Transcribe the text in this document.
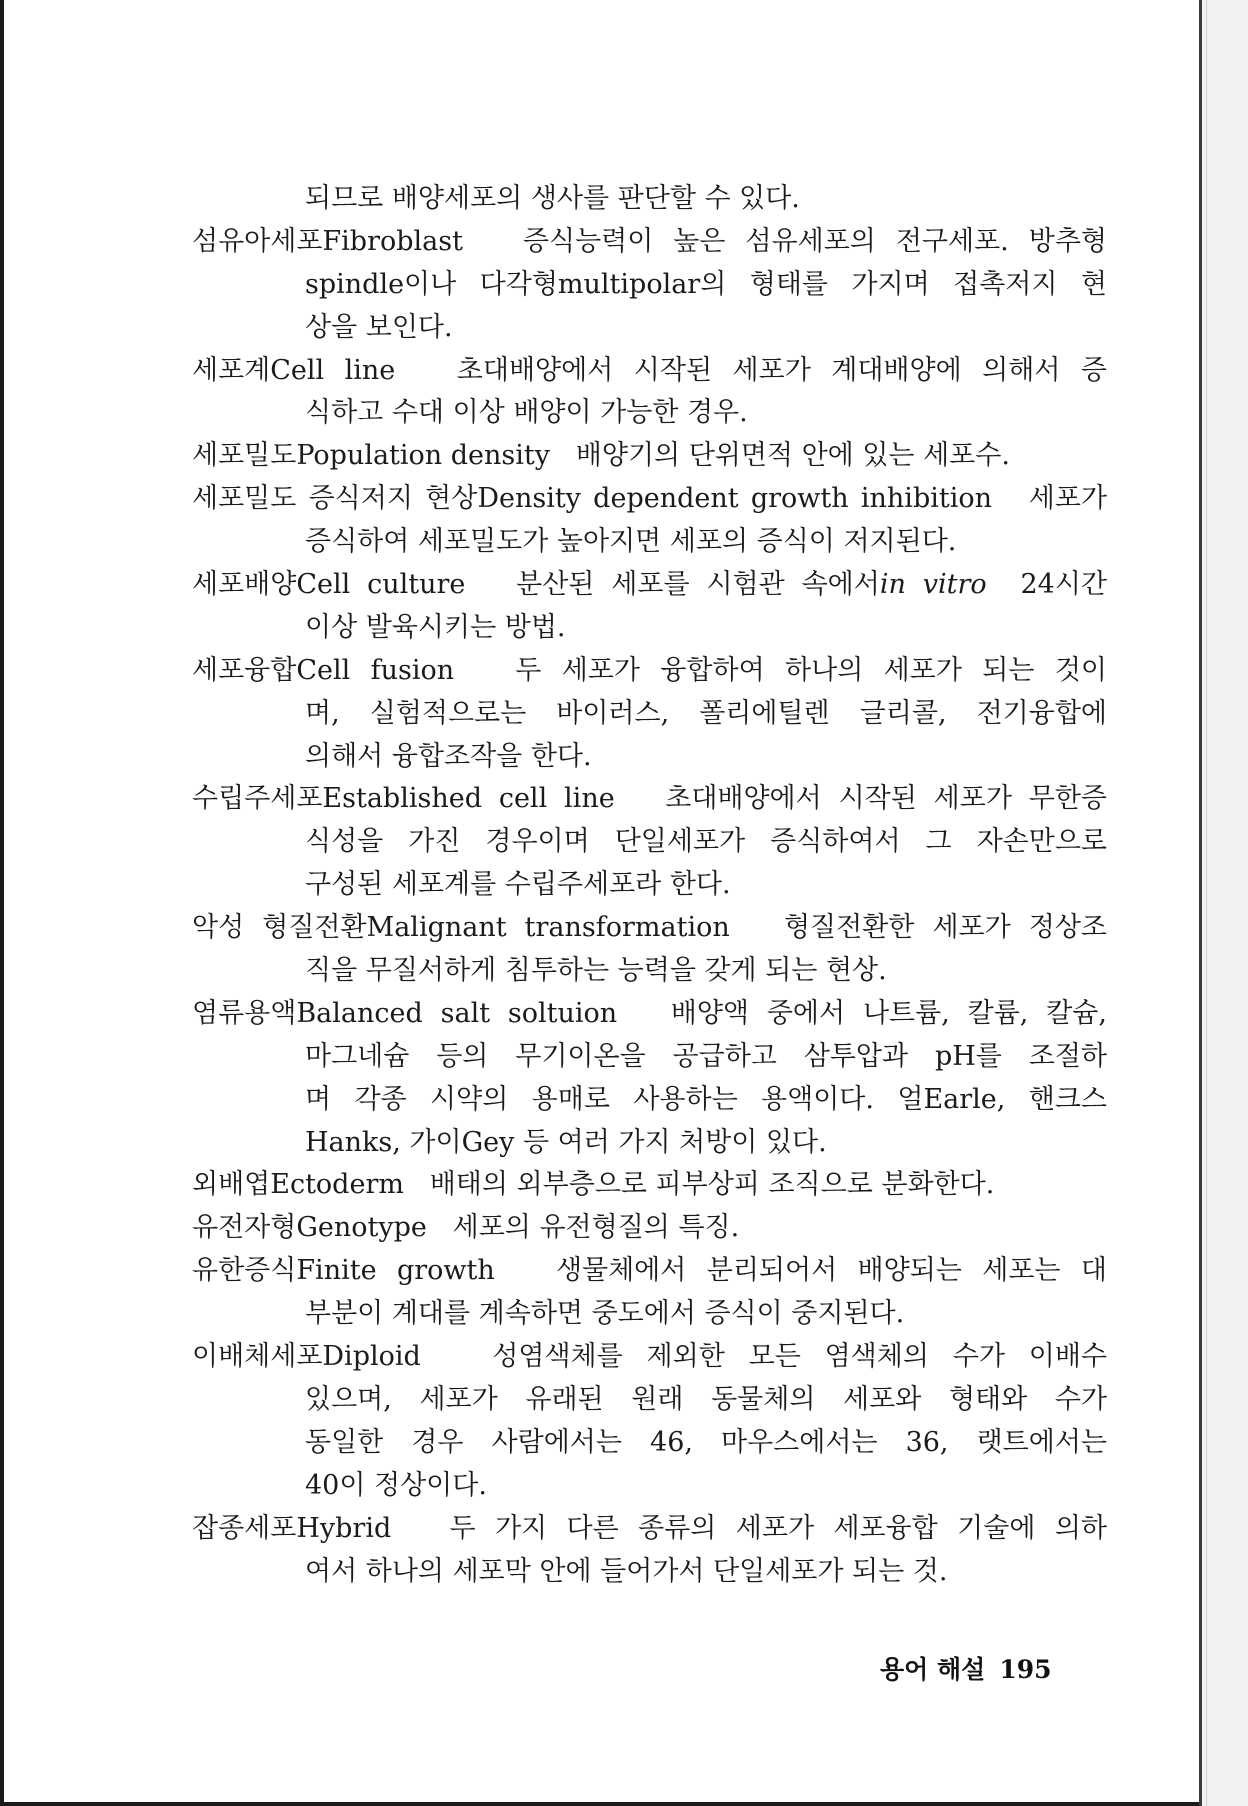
되므로 배양세포의 생사를 판단할 수 있다.
섬유아세포Fibroblast 증식능력이 높은 섬유세포의 전구세포. 방추형
spindle이나 다각형multipolar의 형태를 가지며 접촉저지 현
상을 보인다.
세포계Cell line 초대배양에서 시작된 세포가 계대배양에 의해서 증
식하고 수대 이상 배양이 가능한 경우.
세포밀도Population density 배양기의 단위면적 안에 있는 세포수.
세포밀도 증식저지 현상Density dependent growth inhibition 세포가
증식하여 세포밀도가 높아지면 세포의 증식이 저지된다.
세포배양Cell culture 분산된 세포를 시험관 속에서in vitro 24시간
이상 발육시키는 방법.
세포융합Cell fusion 두 세포가 융합하여 하나의 세포가 되는 것이
며, 실험적으로는 바이러스, 폴리에틸렌 글리콜, 전기융합에
의해서 융합조작을 한다.
수립주세포Established cell line 초대배양에서 시작된 세포가 무한증
식성을 가진 경우이며 단일세포가 증식하여서 그 자손만으로
구성된 세포계를 수립주세포라 한다.
악성 형질전환Malignant transformation 형질전환한 세포가 정상조
직을 무질서하게 침투하는 능력을 갖게 되는 현상.
염류용액Balanced salt soltuion 배양액 중에서 나트륨, 칼륨, 칼슘,
마그네슘 등의 무기이온을 공급하고 삼투압과 pH를 조절하
며 각종 시약의 용매로 사용하는 용액이다. 얼Earle, 핸크스
Hanks, 가이Gey 등 여러 가지 처방이 있다.
외배엽Ectoderm 배태의 외부층으로 피부상피 조직으로 분화한다.
유전자형Genotype 세포의 유전형질의 특징.
유한증식Finite growth 생물체에서 분리되어서 배양되는 세포는 대
부분이 계대를 계속하면 중도에서 증식이 중지된다.
이배체세포Diploid	성염색체를 제외한 모든 염색체의 수가 이배수
있으며, 세포가 유래된 원래 동물체의 세포와 형태와 수가
동일한 경우 사람에서는 46, 마우스에서는 36, 랫트에서는
40이 정상이다.
잡종세포Hybrid 두 가지 다른 종류의 세포가 세포융합 기술에 의하
여서 하나의 세포막 안에 들어가서 단일세포가 되는 것.
용어 해설 195
